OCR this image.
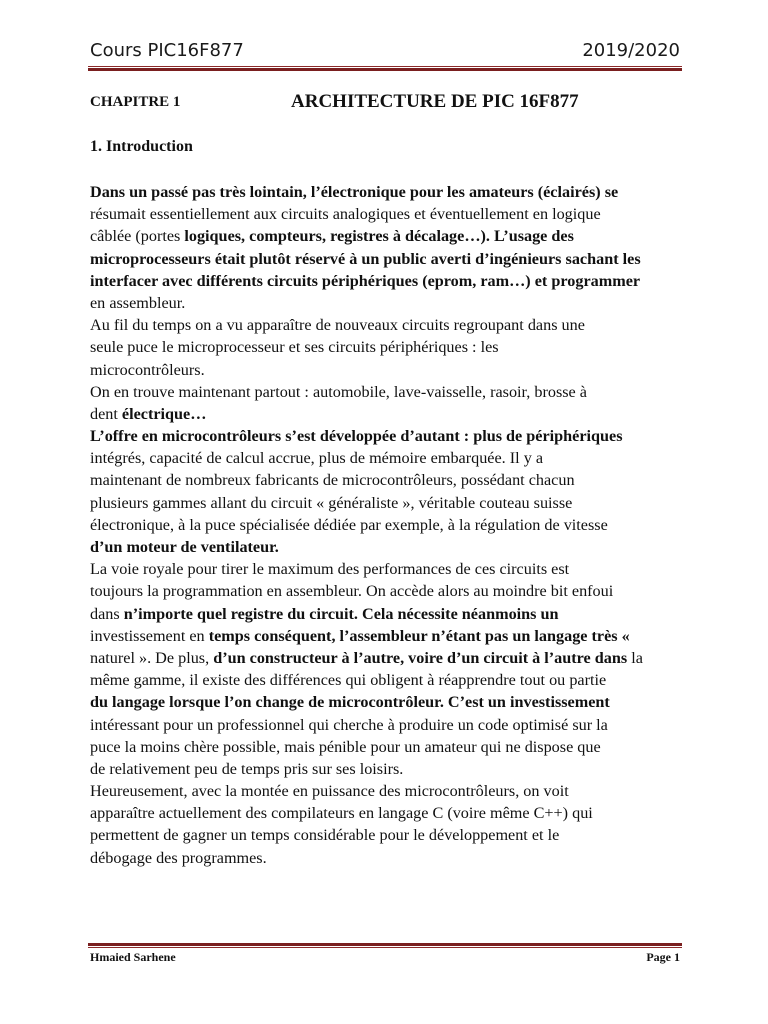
Cours PIC16F877	2019/2020
CHAPITRE 1	ARCHITECTURE DE PIC 16F877
1. Introduction
Dans un passé pas très lointain, l’électronique pour les amateurs (éclairés) se
résumait essentiellement aux circuits analogiques et éventuellement en logique
câblée (portes logiques, compteurs, registres à décalage…). L’usage des
microprocesseurs était plutôt réservé à un public averti d’ingénieurs sachant les
interfacer avec différents circuits périphériques (eprom, ram…) et programmer
en assembleur.
Au fil du temps on a vu apparaître de nouveaux circuits regroupant dans une
seule puce le microprocesseur et ses circuits périphériques : les
microcontrôleurs.
On en trouve maintenant partout : automobile, lave-vaisselle, rasoir, brosse à
dent électrique…
L’offre en microcontrôleurs s’est développée d’autant : plus de périphériques
intégrés, capacité de calcul accrue, plus de mémoire embarquée. Il y a
maintenant de nombreux fabricants de microcontrôleurs, possédant chacun
plusieurs gammes allant du circuit « généraliste », véritable couteau suisse
électronique, à la puce spécialisée dédiée par exemple, à la régulation de vitesse
d’un moteur de ventilateur.
La voie royale pour tirer le maximum des performances de ces circuits est
toujours la programmation en assembleur. On accède alors au moindre bit enfoui
dans n’importe quel registre du circuit. Cela nécessite néanmoins un
investissement en temps conséquent, l’assembleur n’étant pas un langage très «
naturel ». De plus, d’un constructeur à l’autre, voire d’un circuit à l’autre dans la
même gamme, il existe des différences qui obligent à réapprendre tout ou partie
du langage lorsque l’on change de microcontrôleur. C’est un investissement
intéressant pour un professionnel qui cherche à produire un code optimisé sur la
puce la moins chère possible, mais pénible pour un amateur qui ne dispose que
de relativement peu de temps pris sur ses loisirs.
Heureusement, avec la montée en puissance des microcontrôleurs, on voit
apparaître actuellement des compilateurs en langage C (voire même C++) qui
permettent de gagner un temps considérable pour le développement et le
débogage des programmes.
Hmaied Sarhene	Page 1
